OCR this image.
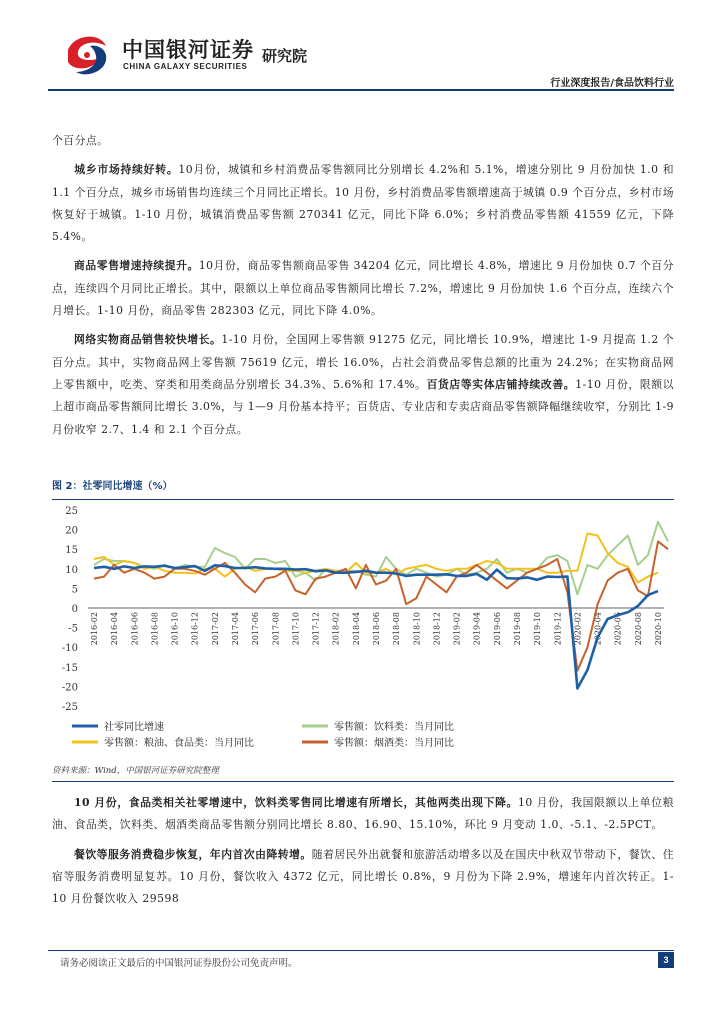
中国银河证券
CHINA GALAXY SECURITIES
研究院
行业深度报告/食品饮料行业

个百分点。

城乡市场持续好转。10月份，城镇和乡村消费品零售额同比分别增长 4.2%和 5.1%，增速分别比 9 月份加快 1.0 和 1.1 个百分点，城乡市场销售均连续三个月同比正增长。10 月份，乡村消费品零售额增速高于城镇 0.9 个百分点，乡村市场恢复好于城镇。1-10 月份，城镇消费品零售额 270341 亿元，同比下降 6.0%；乡村消费品零售额 41559 亿元，下降 5.4%。

商品零售增速持续提升。10月份，商品零售额商品零售 34204 亿元，同比增长 4.8%，增速比 9 月份加快 0.7 个百分点，连续四个月同比正增长。其中，限额以上单位商品零售额同比增长 7.2%，增速比 9 月份加快 1.6 个百分点，连续六个月增长。1-10 月份，商品零售 282303 亿元，同比下降 4.0%。

网络实物商品销售较快增长。1-10 月份，全国网上零售额 91275 亿元，同比增长 10.9%，增速比 1-9 月提高 1.2 个百分点。其中，实物商品网上零售额 75619 亿元，增长 16.0%，占社会消费品零售总额的比重为 24.2%；在实物商品网上零售额中，吃类、穿类和用类商品分别增长 34.3%、5.6%和 17.4%。百货店等实体店铺持续改善。1-10 月份，限额以上超市商品零售额同比增长 3.0%，与 1—9 月份基本持平；百货店、专业店和专卖店商品零售额降幅继续收窄，分别比 1-9 月份收窄 2.7、1.4 和 2.1 个百分点。

图 2：社零同比增速（%）
25
20
15
10
5
0
-5
-10
-15
-20
-25
2016-02 2016-04 2016-06 2016-08 2016-10 2016-12 2017-02 2017-04 2017-06 2017-08 2017-10 2017-12 2018-02 2018-04 2018-06 2018-08 2018-10 2018-12 2019-02 2019-04 2019-06 2019-08 2019-10 2019-12 2020-02 2020-04 2020-06 2020-08 2020-10
社零同比增速	零售额：饮料类：当月同比
零售额：粮油、食品类：当月同比	零售额：烟酒类：当月同比
资料来源：Wind，中国银河证券研究院整理

10 月份，食品类相关社零增速中，饮料类零售同比增速有所增长，其他两类出现下降。10 月份，我国限额以上单位粮油、食品类，饮料类、烟酒类商品零售额分别同比增长 8.80、16.90、15.10%，环比 9 月变动 1.0、-5.1、-2.5PCT。

餐饮等服务消费稳步恢复，年内首次由降转增。随着居民外出就餐和旅游活动增多以及在国庆中秋双节带动下，餐饮、住宿等服务消费明显复苏。10 月份，餐饮收入 4372 亿元，同比增长 0.8%，9 月份为下降 2.9%，增速年内首次转正。1-10 月份餐饮收入 29598

请务必阅读正文最后的中国银河证券股份公司免责声明。	3
